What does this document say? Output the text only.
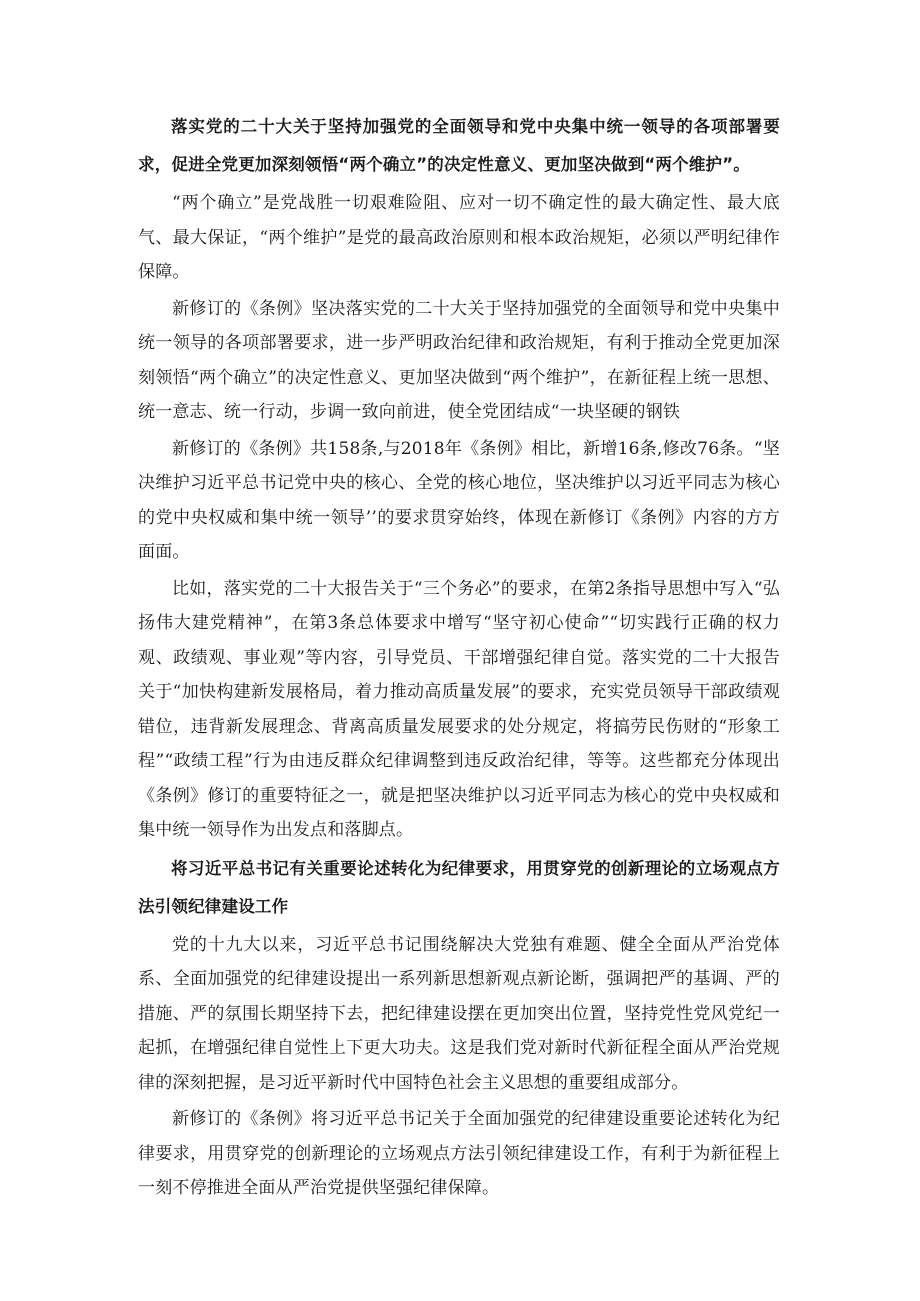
落实党的二十大关于坚持加强党的全面领导和党中央集中统一领导的各项部署要求，促进全党更加深刻领悟“两个确立”的决定性意义、更加坚决做到“两个维护”。

“两个确立”是党战胜一切艰难险阻、应对一切不确定性的最大确定性、最大底气、最大保证，“两个维护”是党的最高政治原则和根本政治规矩，必须以严明纪律作保障。

新修订的《条例》坚决落实党的二十大关于坚持加强党的全面领导和党中央集中统一领导的各项部署要求，进一步严明政治纪律和政治规矩，有利于推动全党更加深刻领悟“两个确立”的决定性意义、更加坚决做到“两个维护”，在新征程上统一思想、统一意志、统一行动，步调一致向前进，使全党团结成“一块坚硬的钢铁

新修订的《条例》共158条,与2018年《条例》相比，新增16条,修改76条。“坚决维护习近平总书记党中央的核心、全党的核心地位，坚决维护以习近平同志为核心的党中央权威和集中统一领导’’的要求贯穿始终，体现在新修订《条例》内容的方方面面。

比如，落实党的二十大报告关于“三个务必”的要求，在第2条指导思想中写入“弘扬伟大建党精神”，在第3条总体要求中增写“坚守初心使命”“切实践行正确的权力观、政绩观、事业观”等内容，引导党员、干部增强纪律自觉。落实党的二十大报告关于“加快构建新发展格局，着力推动高质量发展”的要求，充实党员领导干部政绩观错位，违背新发展理念、背离高质量发展要求的处分规定，将搞劳民伤财的“形象工程”“政绩工程”行为由违反群众纪律调整到违反政治纪律，等等。这些都充分体现出《条例》修订的重要特征之一，就是把坚决维护以习近平同志为核心的党中央权威和集中统一领导作为出发点和落脚点。

将习近平总书记有关重要论述转化为纪律要求，用贯穿党的创新理论的立场观点方法引领纪律建设工作

党的十九大以来，习近平总书记围绕解决大党独有难题、健全全面从严治党体系、全面加强党的纪律建设提出一系列新思想新观点新论断，强调把严的基调、严的措施、严的氛围长期坚持下去，把纪律建设摆在更加突出位置，坚持党性党风党纪一起抓，在增强纪律自觉性上下更大功夫。这是我们党对新时代新征程全面从严治党规律的深刻把握，是习近平新时代中国特色社会主义思想的重要组成部分。

新修订的《条例》将习近平总书记关于全面加强党的纪律建设重要论述转化为纪律要求，用贯穿党的创新理论的立场观点方法引领纪律建设工作，有利于为新征程上一刻不停推进全面从严治党提供坚强纪律保障。
